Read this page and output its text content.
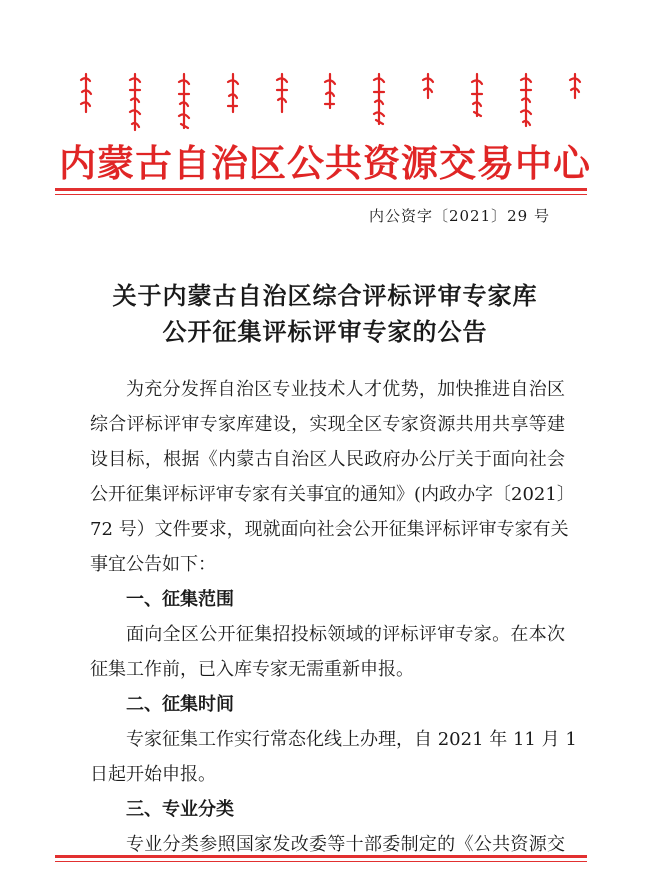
内蒙古自治区公共资源交易中心
内公资字〔2021〕29 号
关于内蒙古自治区综合评标评审专家库
公开征集评标评审专家的公告
为充分发挥自治区专业技术人才优势，加快推进自治区
综合评标评审专家库建设，实现全区专家资源共用共享等建
设目标，根据《内蒙古自治区人民政府办公厅关于面向社会
公开征集评标评审专家有关事宜的通知》(内政办字〔2021〕
72 号）文件要求，现就面向社会公开征集评标评审专家有关
事宜公告如下：
一、征集范围
面向全区公开征集招投标领域的评标评审专家。在本次
征集工作前，已入库专家无需重新申报。
二、征集时间
专家征集工作实行常态化线上办理，自 2021 年 11 月 1
日起开始申报。
三、专业分类
专业分类参照国家发改委等十部委制定的《公共资源交
